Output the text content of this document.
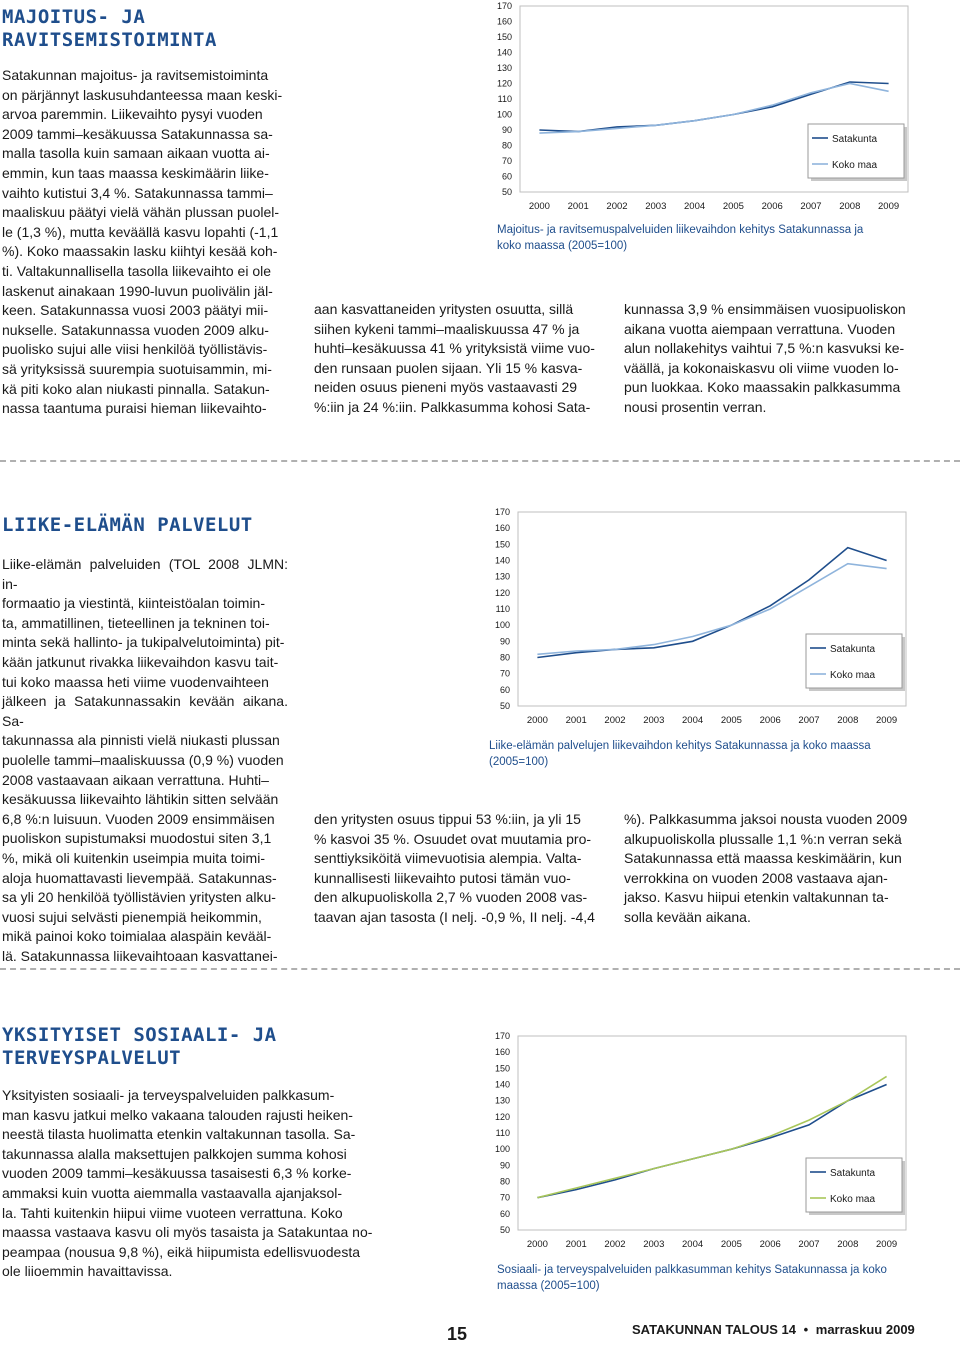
MAJOITUS- JA
RAVITSEMISTOIMINTA
Satakunnan majoitus- ja ravitsemistoiminta
on pärjännyt laskusuhdanteessa maan keski-
arvoa paremmin. Liikevaihto pysyi vuoden
2009 tammi–kesäkuussa Satakunnassa sa-
malla tasolla kuin samaan aikaan vuotta ai-
emmin, kun taas maassa keskimäärin liike-
vaihto kutistui 3,4 %. Satakunnassa tammi–
maaliskuu päätyi vielä vähän plussan puolel-
le (1,3 %), mutta keväällä kasvu lopahti (-1,1
%). Koko maassakin lasku kiihtyi kesää koh-
ti. Valtakunnallisella tasolla liikevaihto ei ole
laskenut ainakaan 1990-luvun puolivälin jäl-
keen. Satakunnassa vuosi 2003 päätyi mii-
nukselle. Satakunnassa vuoden 2009 alku-
puolisko sujui alle viisi henkilöä työllistävis-
sä yrityksissä suurempia suotuisammin, mi-
kä piti koko alan niukasti pinnalla. Satakun-
nassa taantuma puraisi hieman liikevaihto-
170
160
150
140
130
120
110
100
90
80
70
60
50
2000 2001 2002 2003 2004 2005 2006 2007 2008 2009
Satakunta
Koko maa
Majoitus- ja ravitsemuspalveluiden liikevaihdon kehitys Satakunnassa ja
koko maassa (2005=100)
aan kasvattaneiden yritysten osuutta, sillä
siihen kykeni tammi–maaliskuussa 47 % ja
huhti–kesäkuussa 41 % yrityksistä viime vuo-
den runsaan puolen sijaan. Yli 15 % kasva-
neiden osuus pieneni myös vastaavasti 29
%:iin ja 24 %:iin. Palkkasumma kohosi Sata-
kunnassa 3,9 % ensimmäisen vuosipuoliskon
aikana vuotta aiempaan verrattuna. Vuoden
alun nollakehitys vaihtui 7,5 %:n kasvuksi ke-
väällä, ja kokonaiskasvu oli viime vuoden lo-
pun luokkaa. Koko maassakin palkkasumma
nousi prosentin verran.
LIIKE-ELÄMÄN PALVELUT
Liike-elämän palveluiden (TOL 2008 JLMN: in-
formaatio ja viestintä, kiinteistöalan toimin-
ta, ammatillinen, tieteellinen ja tekninen toi-
minta sekä hallinto- ja tukipalvelutoiminta) pit-
kään jatkunut rivakka liikevaihdon kasvu tait-
tui koko maassa heti viime vuodenvaihteen
jälkeen ja Satakunnassakin kevään aikana. Sa-
takunnassa ala pinnisti vielä niukasti plussan
puolelle tammi–maaliskuussa (0,9 %) vuoden
2008 vastaavaan aikaan verrattuna. Huhti–
kesäkuussa liikevaihto lähtikin sitten selvään
6,8 %:n luisuun. Vuoden 2009 ensimmäisen
puoliskon supistumaksi muodostui siten 3,1
%, mikä oli kuitenkin useimpia muita toimi-
aloja huomattavasti lievempää. Satakunnas-
sa yli 20 henkilöä työllistävien yritysten alku-
vuosi sujui selvästi pienempiä heikommin,
mikä painoi koko toimialaa alaspäin kevääl-
lä. Satakunnassa liikevaihtoaan kasvattanei-
170
160
150
140
130
120
110
100
90
80
70
60
50
2000 2001 2002 2003 2004 2005 2006 2007 2008 2009
Satakunta
Koko maa
Liike-elämän palvelujen liikevaihdon kehitys Satakunnassa ja koko maassa
(2005=100)
den yritysten osuus tippui 53 %:iin, ja yli 15
% kasvoi 35 %. Osuudet ovat muutamia pro-
senttiyksiköitä viimevuotisia alempia. Valta-
kunnallisesti liikevaihto putosi tämän vuo-
den alkupuoliskolla 2,7 % vuoden 2008 vas-
taavan ajan tasosta (I nelj. -0,9 %, II nelj. -4,4
%). Palkkasumma jaksoi nousta vuoden 2009
alkupuoliskolla plussalle 1,1 %:n verran sekä
Satakunnassa että maassa keskimäärin, kun
verrokkina on vuoden 2008 vastaava ajan-
jakso. Kasvu hiipui etenkin valtakunnan ta-
solla kevään aikana.
YKSITYISET SOSIAALI- JA
TERVEYSPALVELUT
Yksityisten sosiaali- ja terveyspalveluiden palkkasum-
man kasvu jatkui melko vakaana talouden rajusti heiken-
neestä tilasta huolimatta etenkin valtakunnan tasolla. Sa-
takunnassa alalla maksettujen palkkojen summa kohosi
vuoden 2009 tammi–kesäkuussa tasaisesti 6,3 % korke-
ammaksi kuin vuotta aiemmalla vastaavalla ajanjaksol-
la. Tahti kuitenkin hiipui viime vuoteen verrattuna. Koko
maassa vastaava kasvu oli myös tasaista ja Satakuntaa no-
peampaa (nousua 9,8 %), eikä hiipumista edellisvuodesta
ole liioemmin havaittavissa.
170
160
150
140
130
120
110
100
90
80
70
60
50
2000 2001 2002 2003 2004 2005 2006 2007 2008 2009
Satakunta
Koko maa
Sosiaali- ja terveyspalveluiden palkkasumman kehitys Satakunnassa ja koko
maassa (2005=100)
15	SATAKUNNAN TALOUS 14 • marraskuu 2009
